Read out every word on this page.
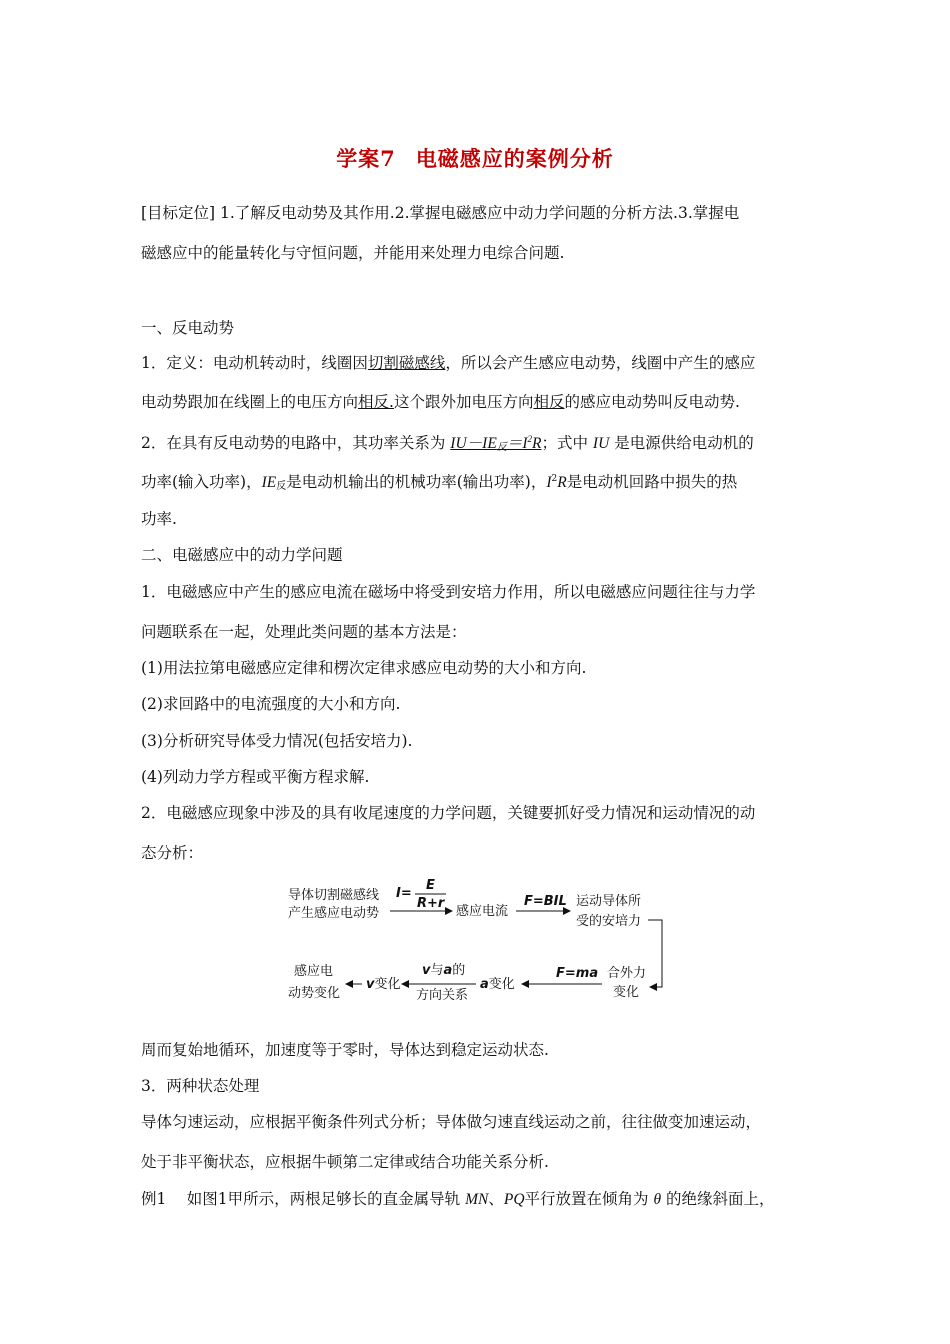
学案7 电磁感应的案例分析
[目标定位] 1.了解反电动势及其作用.2.掌握电磁感应中动力学问题的分析方法.3.掌握电
磁感应中的能量转化与守恒问题，并能用来处理力电综合问题.
一、反电动势
1．定义：电动机转动时，线圈因切割磁感线，所以会产生感应电动势，线圈中产生的感应
电动势跟加在线圈上的电压方向相反.这个跟外加电压方向相反的感应电动势叫反电动势.
2．在具有反电动势的电路中，其功率关系为 $IU-IE_反=I^2R$；式中 IU 是电源供给电动机的
功率(输入功率)，$IE_反$是电动机输出的机械功率(输出功率)，$I^2R$是电动机回路中损失的热
功率.
二、电磁感应中的动力学问题
1．电磁感应中产生的感应电流在磁场中将受到安培力作用，所以电磁感应问题往往与力学
问题联系在一起，处理此类问题的基本方法是：
(1)用法拉第电磁感应定律和楞次定律求感应电动势的大小和方向.
(2)求回路中的电流强度的大小和方向.
(3)分析研究导体受力情况(包括安培力).
(4)列动力学方程或平衡方程求解.
2．电磁感应现象中涉及的具有收尾速度的力学问题，关键要抓好受力情况和运动情况的动
态分析：
导体切割磁感线
产生感应电动势
I=
E
R+r
感应电流
F=BIL 运动导体所
受的安培力
合外力
变化
F=ma
a变化
v与a的
方向关系
v变化
感应电
动势变化
周而复始地循环，加速度等于零时，导体达到稳定运动状态.
3．两种状态处理
导体匀速运动，应根据平衡条件列式分析；导体做匀速直线运动之前，往往做变加速运动，
处于非平衡状态，应根据牛顿第二定律或结合功能关系分析.
例1　 如图1甲所示，两根足够长的直金属导轨 MN、PQ平行放置在倾角为 θ 的绝缘斜面上，
